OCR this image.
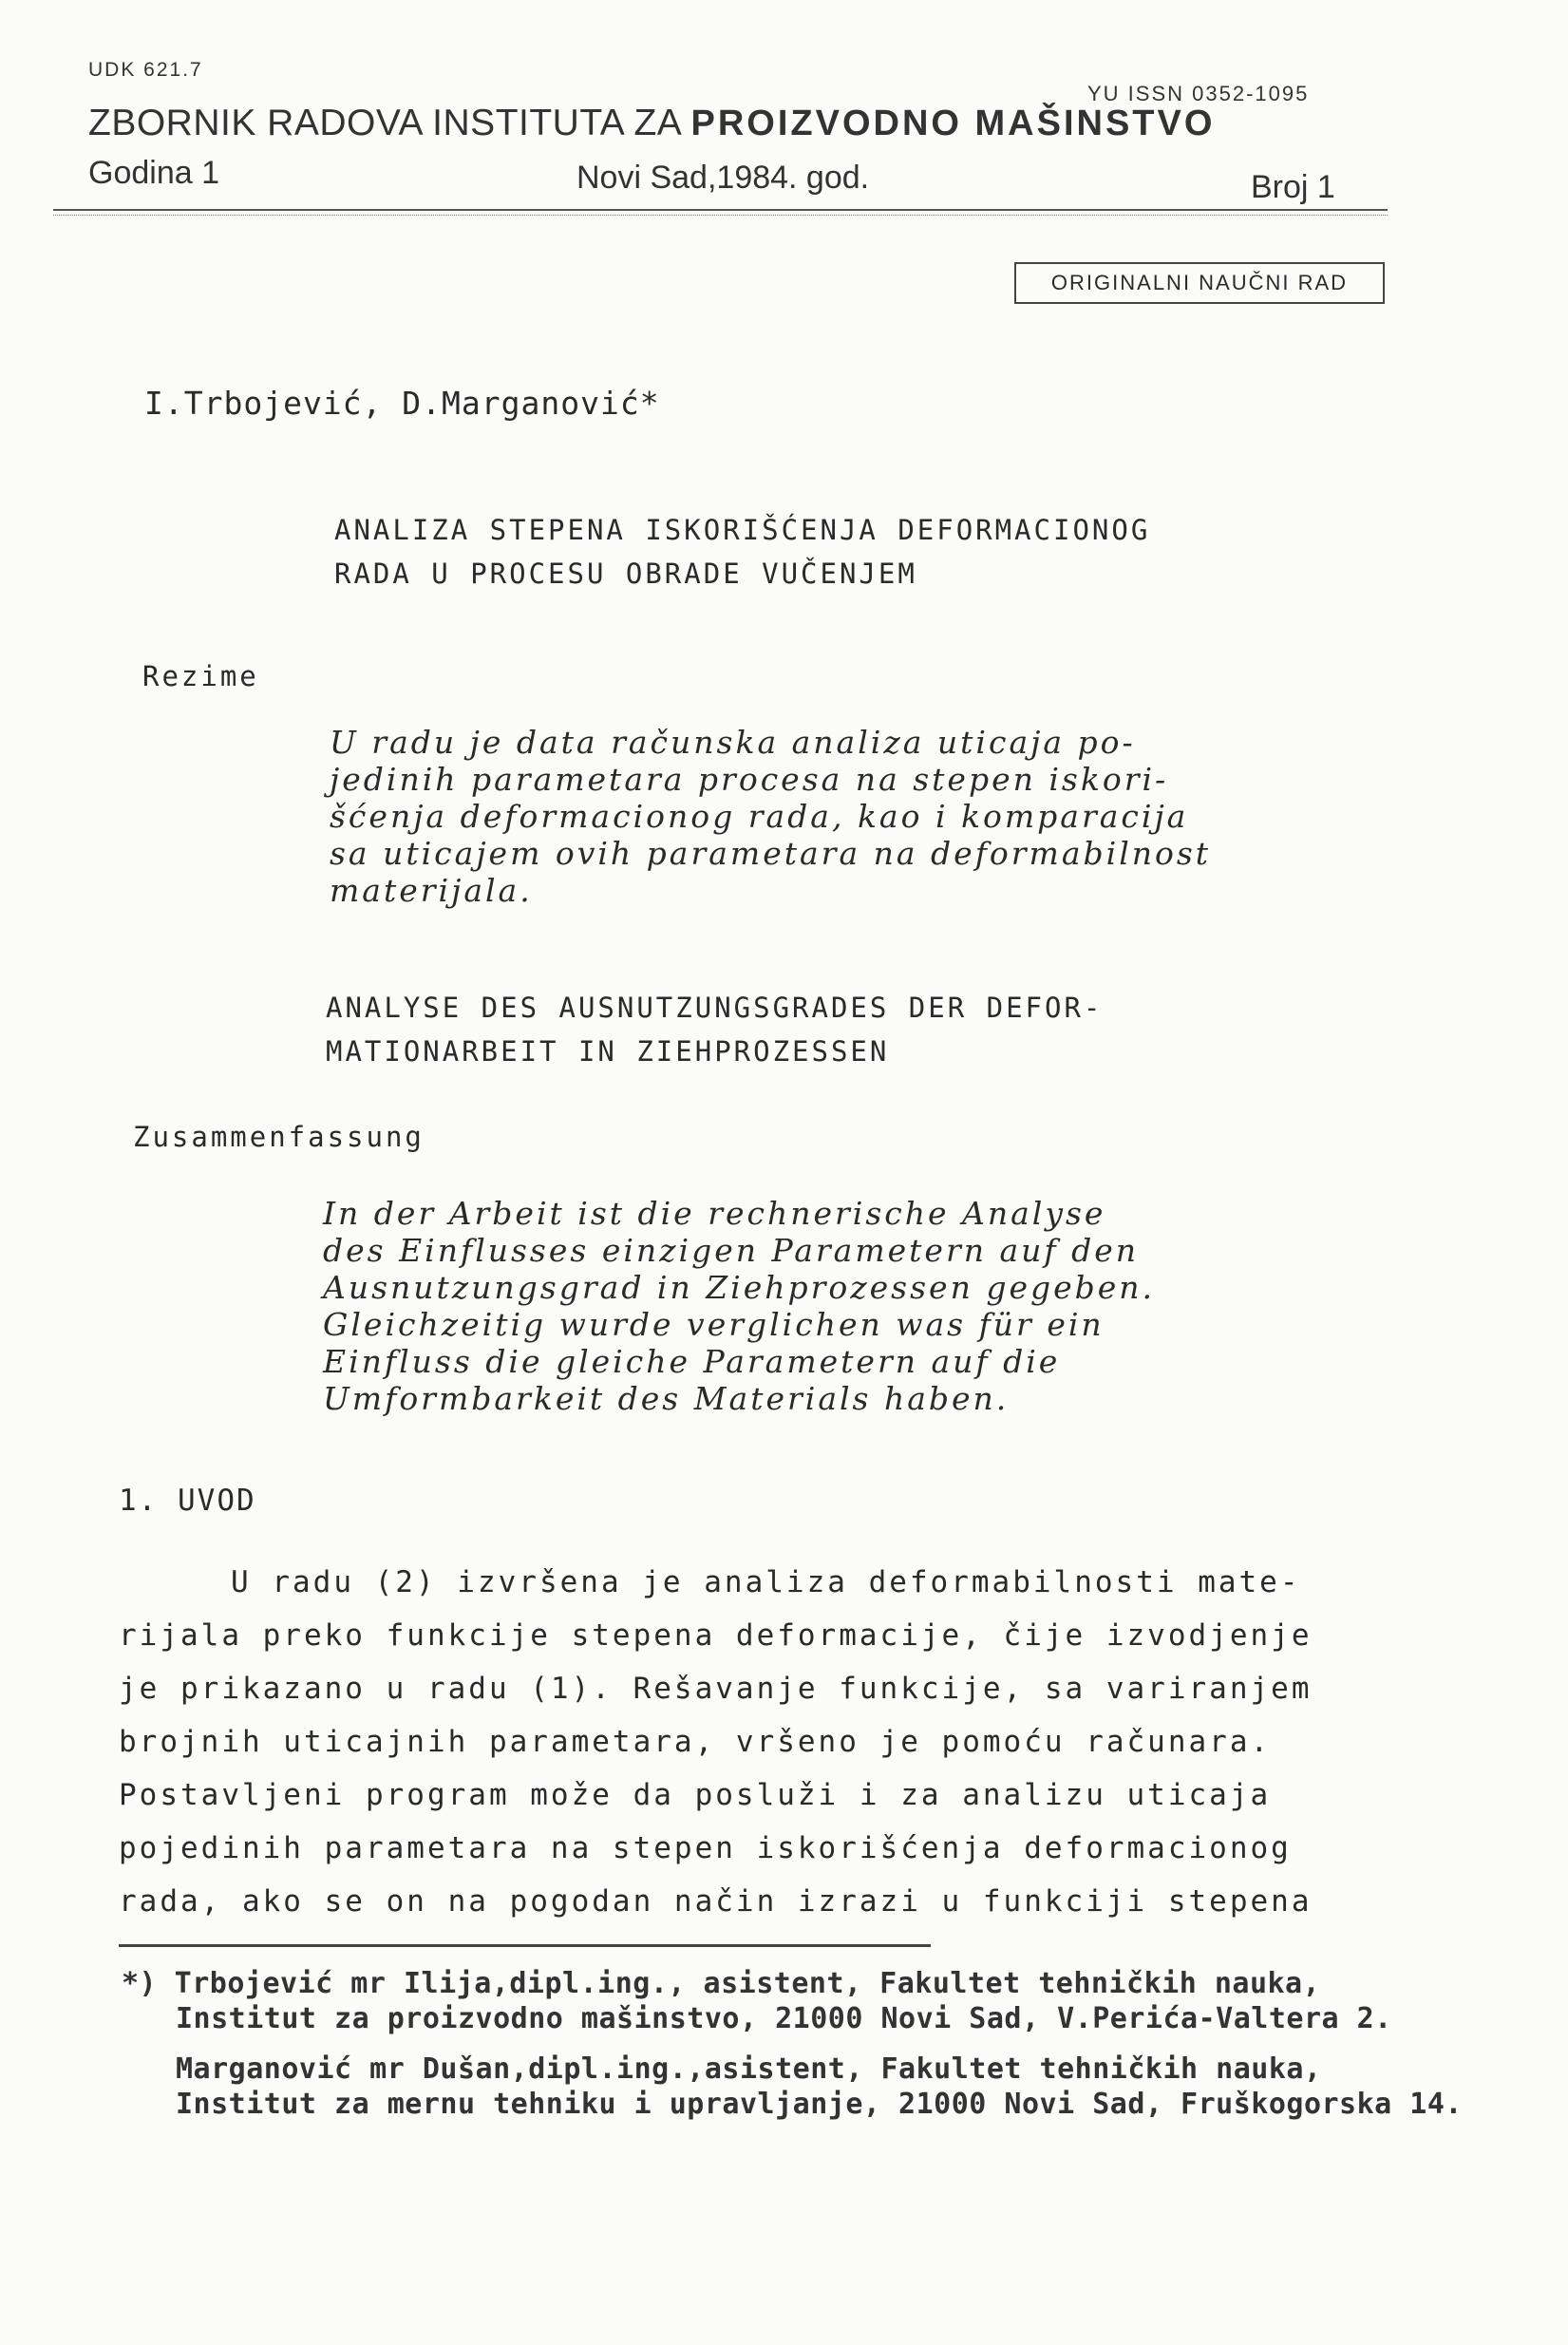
UDK 621.7
YU ISSN 0352-1095
ZBORNIK RADOVA INSTITUTA ZA PROIZVODNO MAŠINSTVO
Godina 1	Novi Sad,1984. god.	Broj 1
ORIGINALNI NAUČNI RAD
I.Trbojević, D.Marganović*
ANALIZA STEPENA ISKORIŠĆENJA DEFORMACIONOG
RADA U PROCESU OBRADE VUČENJEM
Rezime
U radu je data računska analiza uticaja po-
jedinih parametara procesa na stepen iskori-
šćenja deformacionog rada, kao i komparacija
sa uticajem ovih parametara na deformabilnost
materijala.
ANALYSE DES AUSNUTZUNGSGRADES DER DEFOR-
MATIONARBEIT IN ZIEHPROZESSEN
Zusammenfassung
In der Arbeit ist die rechnerische Analyse
des Einflusses einzigen Parametern auf den
Ausnutzungsgrad in Ziehprozessen gegeben.
Gleichzeitig wurde verglichen was für ein
Einfluss die gleiche Parametern auf die
Umformbarkeit des Materials haben.
1. UVOD
U radu (2) izvršena je analiza deformabilnosti mate-
rijala preko funkcije stepena deformacije, čije izvodjenje
je prikazano u radu (1). Rešavanje funkcije, sa variranjem
brojnih uticajnih parametara, vršeno je pomoću računara.
Postavljeni program može da posluži i za analizu uticaja
pojedinih parametara na stepen iskorišćenja deformacionog
rada, ako se on na pogodan način izrazi u funkciji stepena
*) Trbojević mr Ilija,dipl.ing., asistent, Fakultet tehničkih nauka,
Institut za proizvodno mašinstvo, 21000 Novi Sad, V.Perića-Valtera 2.
Marganović mr Dušan,dipl.ing.,asistent, Fakultet tehničkih nauka,
Institut za mernu tehniku i upravljanje, 21000 Novi Sad, Fruškogorska 14.
